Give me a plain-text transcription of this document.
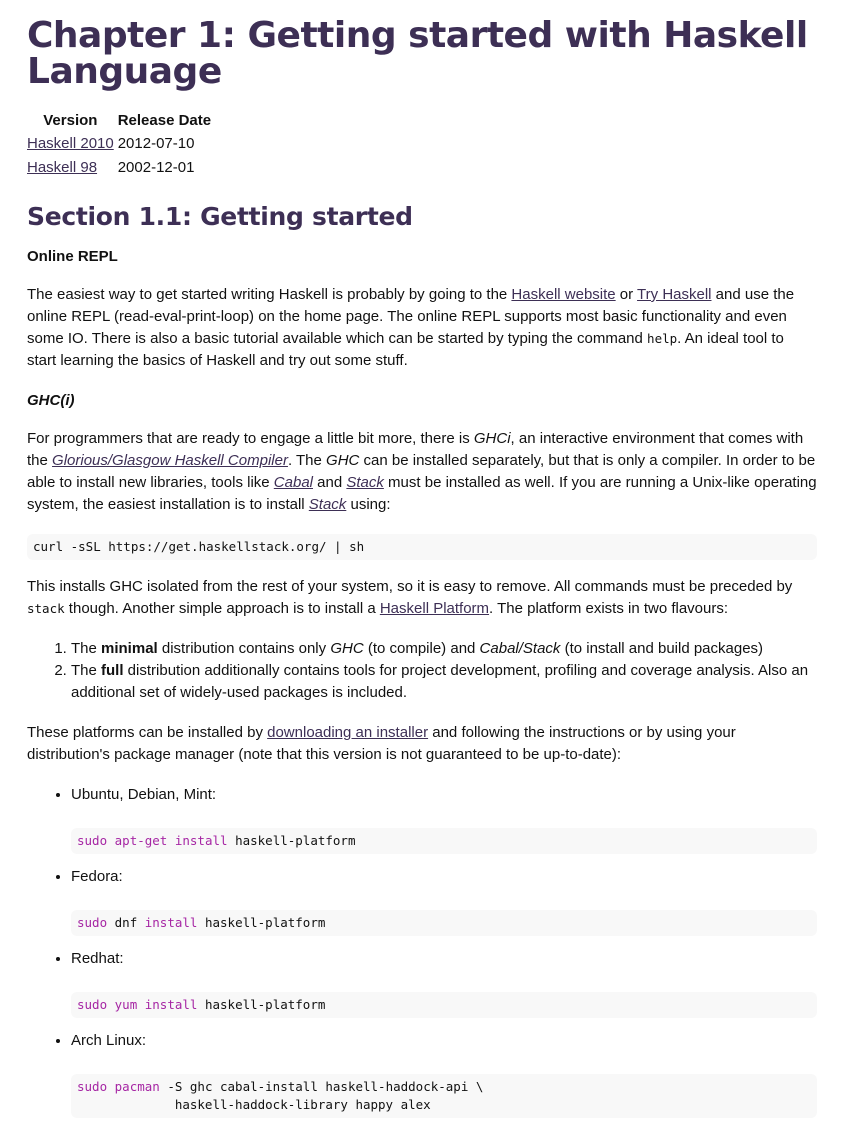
Chapter 1: Getting started with Haskell
Language
Version	Release Date
Haskell 2010	2012-07-10
Haskell 98	2002-12-01
Section 1.1: Getting started

Online REPL

The easiest way to get started writing Haskell is probably by going to the Haskell website or Try Haskell and use the online REPL (read-eval-print-loop) on the home page. The online REPL supports most basic functionality and even some IO. There is also a basic tutorial available which can be started by typing the command help. An ideal tool to start learning the basics of Haskell and try out some stuff.

GHC(i)

For programmers that are ready to engage a little bit more, there is GHCi, an interactive environment that comes with the Glorious/Glasgow Haskell Compiler. The GHC can be installed separately, but that is only a compiler. In order to be able to install new libraries, tools like Cabal and Stack must be installed as well. If you are running a Unix-like operating system, the easiest installation is to install Stack using:

curl -sSL https://get.haskellstack.org/ | sh

This installs GHC isolated from the rest of your system, so it is easy to remove. All commands must be preceded by stack though. Another simple approach is to install a Haskell Platform. The platform exists in two flavours:

1. The minimal distribution contains only GHC (to compile) and Cabal/Stack (to install and build packages)
2. The full distribution additionally contains tools for project development, profiling and coverage analysis. Also an additional set of widely-used packages is included.

These platforms can be installed by downloading an installer and following the instructions or by using your distribution's package manager (note that this version is not guaranteed to be up-to-date):

• Ubuntu, Debian, Mint:
sudo apt-get install haskell-platform
• Fedora:
sudo dnf install haskell-platform
• Redhat:
sudo yum install haskell-platform
• Arch Linux:
sudo pacman -S ghc cabal-install haskell-haddock-api \
haskell-haddock-library happy alex
